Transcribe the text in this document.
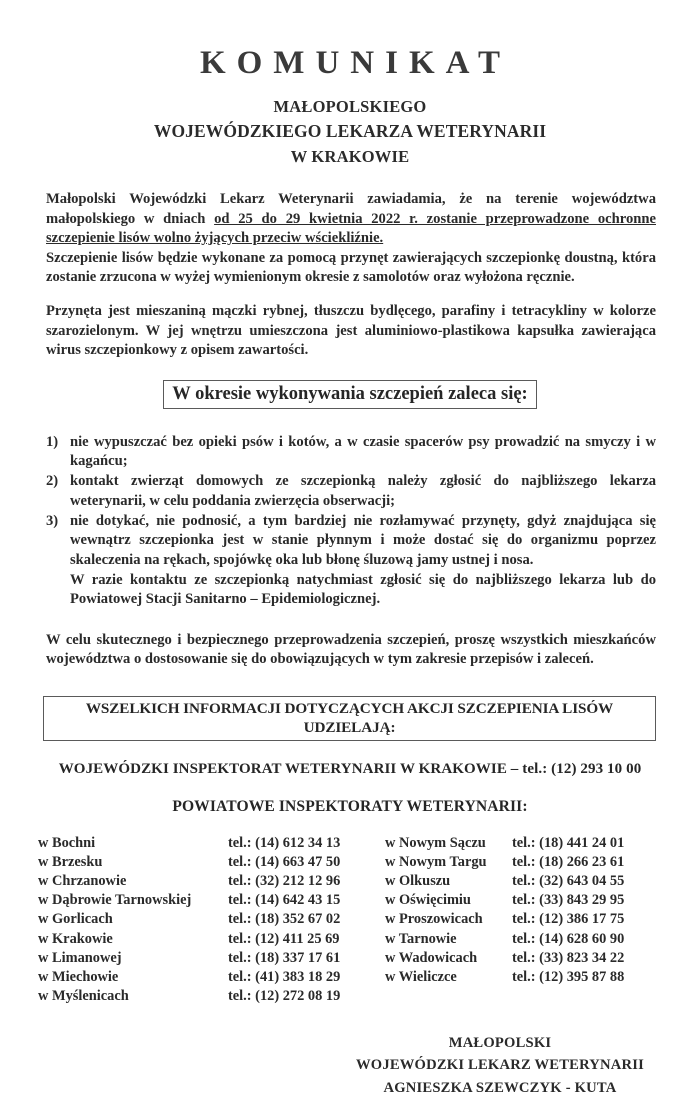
KOMUNIKAT
MAŁOPOLSKIEGO
WOJEWÓDZKIEGO LEKARZA WETERYNARII
W KRAKOWIE

Małopolski Wojewódzki Lekarz Weterynarii zawiadamia, że na terenie województwa małopolskiego w dniach od 25 do 29 kwietnia 2022 r. zostanie przeprowadzone ochronne szczepienie lisów wolno żyjących przeciw wściekliźnie.

Szczepienie lisów będzie wykonane za pomocą przynęt zawierających szczepionkę doustną, która zostanie zrzucona w wyżej wymienionym okresie z samolotów oraz wyłożona ręcznie.

Przynęta jest mieszaniną mączki rybnej, tłuszczu bydlęcego, parafiny i tetracykliny w kolorze szarozielonym. W jej wnętrzu umieszczona jest aluminiowo-plastikowa kapsułka zawierająca wirus szczepionkowy z opisem zawartości.

W okresie wykonywania szczepień zaleca się:
1) nie wypuszczać bez opieki psów i kotów, a w czasie spacerów psy prowadzić na smyczy i w kagańcu;
2) kontakt zwierząt domowych ze szczepionką należy zgłosić do najbliższego lekarza weterynarii, w celu poddania zwierzęcia obserwacji;
3) nie dotykać, nie podnosić, a tym bardziej nie rozłamywać przynęty, gdyż znajdująca się wewnątrz szczepionka jest w stanie płynnym i może dostać się do organizmu poprzez skaleczenia na rękach, spojówkę oka lub błonę śluzową jamy ustnej i nosa.
W razie kontaktu ze szczepionką natychmiast zgłosić się do najbliższego lekarza lub do Powiatowej Stacji Sanitarno – Epidemiologicznej.

W celu skutecznego i bezpiecznego przeprowadzenia szczepień, proszę wszystkich mieszkańców województwa o dostosowanie się do obowiązujących w tym zakresie przepisów i zaleceń.

WSZELKICH INFORMACJI DOTYCZĄCYCH AKCJI SZCZEPIENIA LISÓW UDZIELAJĄ:
WOJEWÓDZKI INSPEKTORAT WETERYNARII W KRAKOWIE – tel.: (12) 293 10 00
POWIATOWE INSPEKTORATY WETERYNARII:
w Bochni	tel.: (14) 612 34 13	w Nowym Sączu	tel.: (18) 441 24 01
w Brzesku	tel.: (14) 663 47 50	w Nowym Targu	tel.: (18) 266 23 61
w Chrzanowie	tel.: (32) 212 12 96	w Olkuszu	tel.: (32) 643 04 55
w Dąbrowie Tarnowskiej	tel.: (14) 642 43 15	w Oświęcimiu	tel.: (33) 843 29 95
w Gorlicach	tel.: (18) 352 67 02	w Proszowicach	tel.: (12) 386 17 75
w Krakowie	tel.: (12) 411 25 69	w Tarnowie	tel.: (14) 628 60 90
w Limanowej	tel.: (18) 337 17 61	w Wadowicach	tel.: (33) 823 34 22
w Miechowie	tel.: (41) 383 18 29	w Wieliczce	tel.: (12) 395 87 88
w Myślenicach	tel.: (12) 272 08 19		
MAŁOPOLSKI
WOJEWÓDZKI LEKARZ WETERYNARII
AGNIESZKA SZEWCZYK - KUTA
